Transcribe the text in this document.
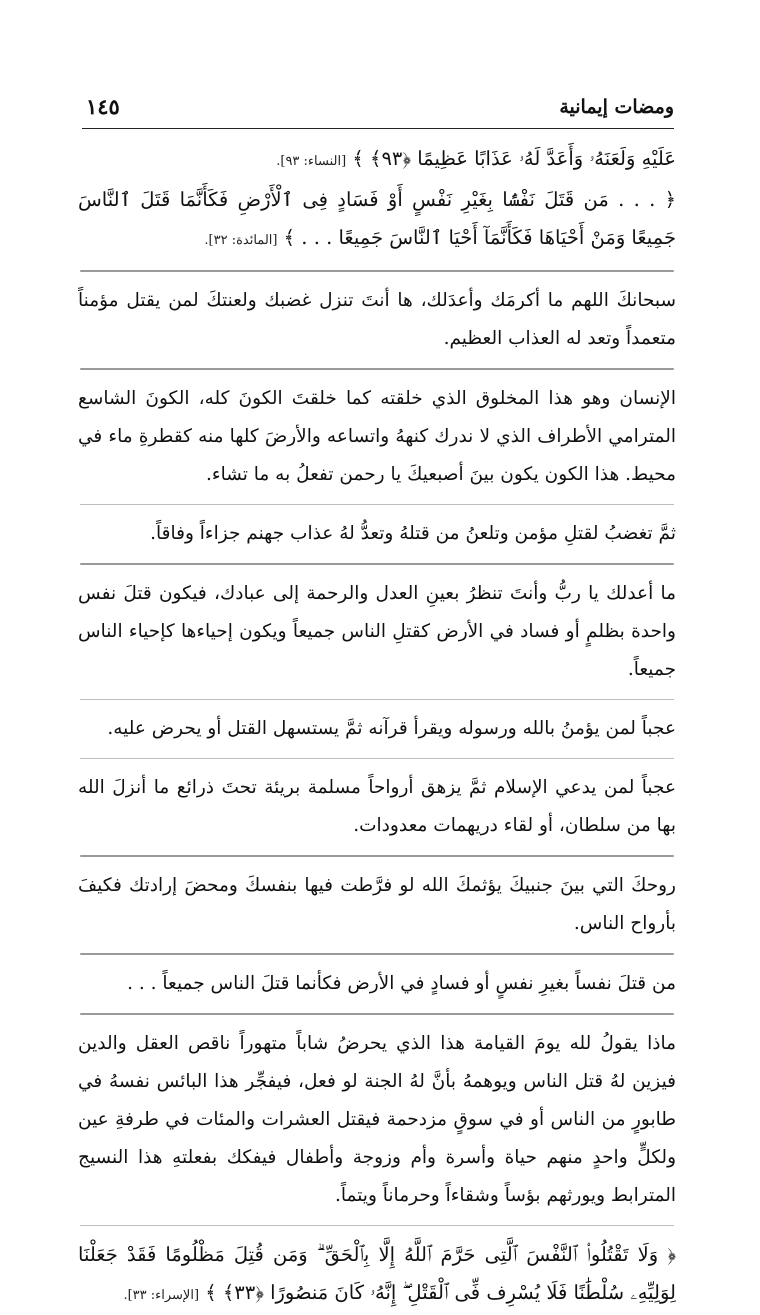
ومضات إيمانية
١٤٥

عَلَيْهِ وَلَعَنَهُۥ وَأَعَدَّ لَهُۥ عَذَابًا عَظِيمًا ﴿٩٣﴾ ﴾ [النساء: ٩٣].

﴿ . . . مَن قَتَلَ نَفْسًۢا بِغَيْرِ نَفْسٍ أَوْ فَسَادٍ فِى ٱلْأَرْضِ فَكَأَنَّمَا قَتَلَ ٱلنَّاسَ جَمِيعًا وَمَنْ أَحْيَاهَا فَكَأَنَّمَآ أَحْيَا ٱلنَّاسَ جَمِيعًا . . . ﴾ [المائدة: ٣٢].

سبحانكَ اللهم ما أكرمَك وأعدَلك، ها أنتَ تنزل غضبك ولعنتكَ لمن يقتل مؤمناً متعمداً وتعد له العذاب العظيم.

الإنسان وهو هذا المخلوق الذي خلقته كما خلقتَ الكونَ كله، الكونَ الشاسع المترامي الأطراف الذي لا ندرك كنههُ واتساعه والأرضَ كلها منه كقطرةِ ماء في محيط. هذا الكون يكون بينَ أصبعيكَ يا رحمن تفعلُ به ما تشاء.

ثمَّ تغضبُ لقتلِ مؤمن وتلعنُ من قتلهُ وتعدُّ لهُ عذاب جهنم جزاءاً وفاقاً.

ما أعدلك يا ربُّ وأنتَ تنظرُ بعينِ العدل والرحمة إلى عبادك، فيكون قتلَ نفس واحدة بظلمٍ أو فساد في الأرض كقتلِ الناس جميعاً ويكون إحياءها كإحياء الناس جميعاً.

عجباً لمن يؤمنُ بالله ورسوله ويقرأ قرآنه ثمَّ يستسهل القتل أو يحرض عليه.

عجباً لمن يدعي الإسلام ثمَّ يزهق أرواحاً مسلمة بريئة تحتَ ذرائع ما أنزلَ الله بها من سلطان، أو لقاء دريهمات معدودات.

روحكَ التي بينَ جنبيكَ يؤثمكَ الله لو فرَّطت فيها بنفسكَ ومحضَ إرادتك فكيفَ بأرواح الناس.

من قتلَ نفساً بغيرِ نفسٍ أو فسادٍ في الأرض فكأنما قتلَ الناس جميعاً . . .

ماذا يقولُ لله يومَ القيامة هذا الذي يحرضُ شاباً متهوراً ناقص العقل والدين فيزين لهُ قتل الناس ويوهمهُ بأنَّ لهُ الجنة لو فعل، فيفجِّر هذا البائس نفسهُ في طابورٍ من الناس أو في سوقٍ مزدحمة فيقتل العشرات والمئات في طرفةِ عين ولكلٍّ واحدٍ منهم حياة وأسرة وأم وزوجة وأطفال فيفكك بفعلتهِ هذا النسيج المترابط ويورثهم بؤساً وشقاءاً وحرماناً ويتماً.

﴿ وَلَا تَقْتُلُوا۟ ٱلنَّفْسَ ٱلَّتِى حَرَّمَ ٱللَّهُ إِلَّا بِٱلْحَقِّ ۗ وَمَن قُتِلَ مَظْلُومًا فَقَدْ جَعَلْنَا لِوَلِيِّهِۦ سُلْطَٰنًا فَلَا يُسْرِف فِّى ٱلْقَتْلِ ۖ إِنَّهُۥ كَانَ مَنصُورًا ﴿٣٣﴾ ﴾ [الإسراء: ٣٣].
